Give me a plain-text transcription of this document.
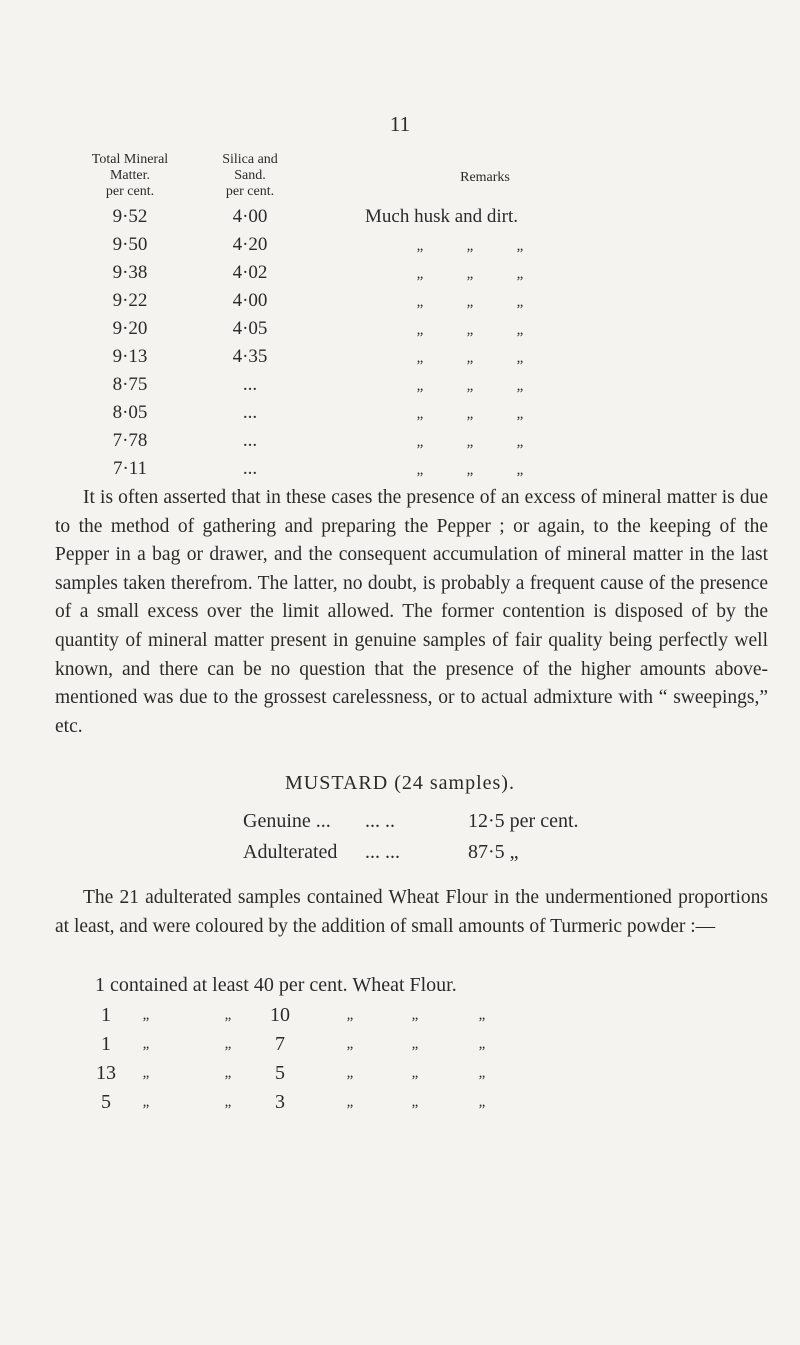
11
Total Mineral
Matter.
per cent.
Silica and
Sand.
per cent.
Remarks
9·52	4·00	Much husk and dirt.
9·50	4·20	„	„	„
9·38	4·02	„	„	„
9·22	4·00	„	„	„
9·20	4·05	„	„	„
9·13	4·35	„	„	„
8·75	...	„	„	„
8·05	...	„	„	„
7·78	...	„	„	„
7·11	...	„	„	„

It is often asserted that in these cases the presence of an excess of mineral matter is due to the method of gathering and preparing the Pepper ; or again, to the keeping of the Pepper in a bag or drawer, and the consequent accumulation of mineral matter in the last samples taken therefrom. The latter, no doubt, is probably a frequent cause of the presence of a small excess over the limit allowed. The former contention is disposed of by the quantity of mineral matter present in genuine samples of fair quality being perfectly well known, and there can be no question that the presence of the higher amounts above-mentioned was due to the grossest carelessness, or to actual admixture with “ sweepings,” etc.

MUSTARD (24 samples).
Genuine ... ... ..	12·5 per cent.
Adulterated ... ...	87·5 „

The 21 adulterated samples contained Wheat Flour in the undermentioned proportions at least, and were coloured by the addition of small amounts of Turmeric powder :—

1 contained at least 40 per cent. Wheat Flour.
1	„	„	10	„	„	„
1	„	„	7	„	„	„
13	„	„	5	„	„	„
5	„	„	3	„	„	„
